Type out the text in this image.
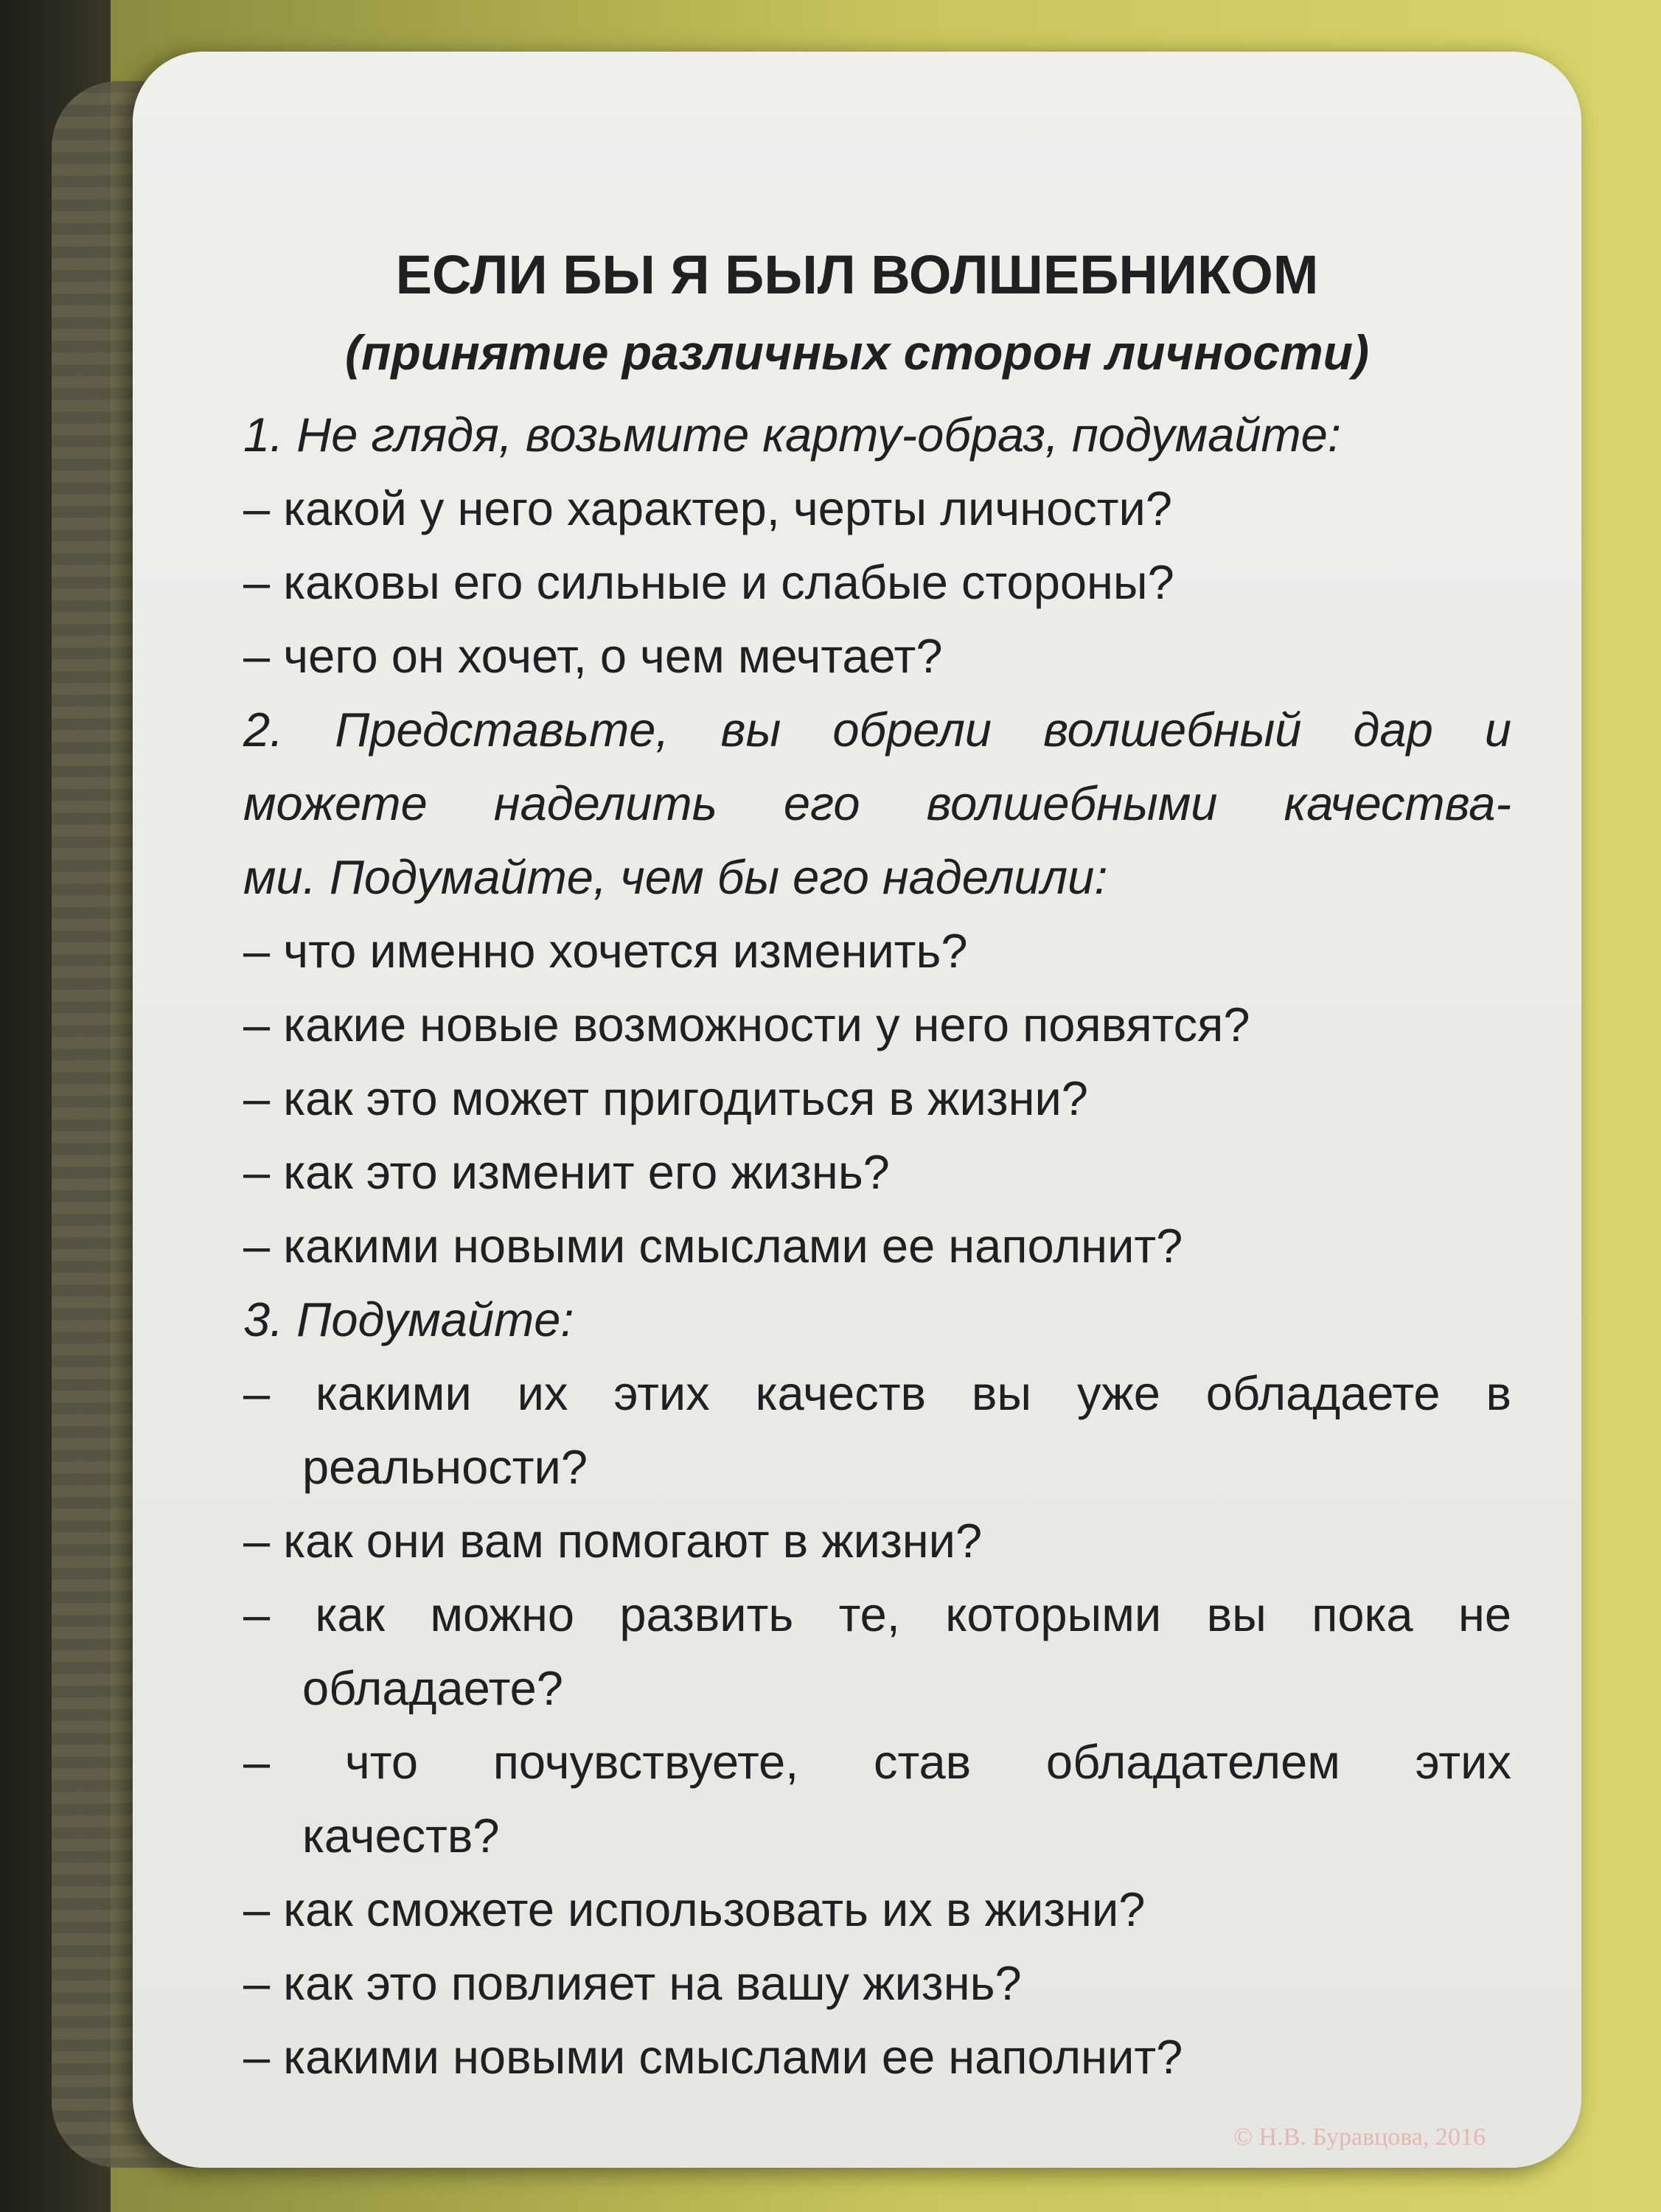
ЕСЛИ БЫ Я БЫЛ ВОЛШЕБНИКОМ
(принятие различных сторон личности)
1. Не глядя, возьмите карту-образ, подумайте:
– какой у него характер, черты личности?
– каковы его сильные и слабые стороны?
– чего он хочет, о чем мечтает?
2. Представьте, вы обрели волшебный дар и
можете наделить его волшебными качества-
ми. Подумайте, чем бы его наделили:
– что именно хочется изменить?
– какие новые возможности у него появятся?
– как это может пригодиться в жизни?
– как это изменит его жизнь?
– какими новыми смыслами ее наполнит?
3. Подумайте:
– какими их этих качеств вы уже обладаете в
реальности?
– как они вам помогают в жизни?
– как можно развить те, которыми вы пока не
обладаете?
– что почувствуете, став обладателем этих
качеств?
– как сможете использовать их в жизни?
– как это повлияет на вашу жизнь?
– какими новыми смыслами ее наполнит?
© Н.В. Буравцова, 2016
